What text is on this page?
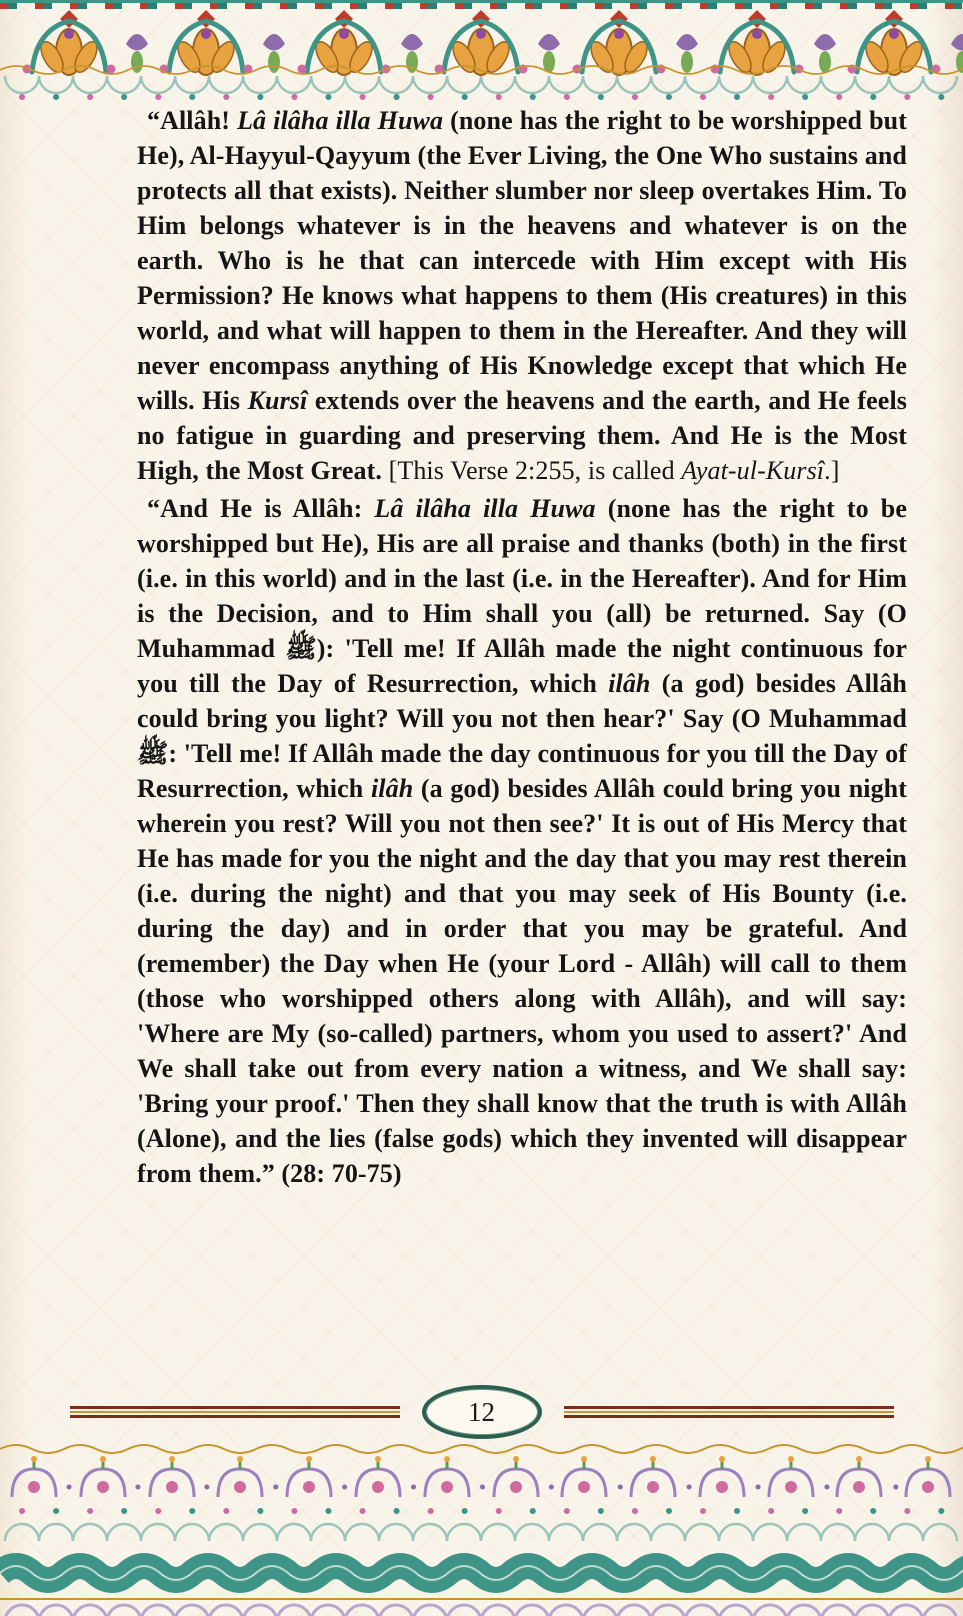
“Allâh! Lâ ilâha illa Huwa (none has the right to be worshipped but He), Al-Hayyul-Qayyum (the Ever Living, the One Who sustains and protects all that exists). Neither slumber nor sleep overtakes Him. To Him belongs whatever is in the heavens and whatever is on the earth. Who is he that can intercede with Him except with His Permission? He knows what happens to them (His creatures) in this world, and what will happen to them in the Hereafter. And they will never encompass anything of His Knowledge except that which He wills. His Kursî extends over the heavens and the earth, and He feels no fatigue in guarding and preserving them. And He is the Most High, the Most Great. [This Verse 2:255, is called Ayat-ul-Kursî.]

“And He is Allâh: Lâ ilâha illa Huwa (none has the right to be worshipped but He), His are all praise and thanks (both) in the first (i.e. in this world) and in the last (i.e. in the Hereafter). And for Him is the Decision, and to Him shall you (all) be returned. Say (O Muhammad ﷺ): 'Tell me! If Allâh made the night continuous for you till the Day of Resurrection, which ilâh (a god) besides Allâh could bring you light? Will you not then hear?' Say (O Muhammad ﷺ: 'Tell me! If Allâh made the day continuous for you till the Day of Resurrection, which ilâh (a god) besides Allâh could bring you night wherein you rest? Will you not then see?' It is out of His Mercy that He has made for you the night and the day that you may rest therein (i.e. during the night) and that you may seek of His Bounty (i.e. during the day) and in order that you may be grateful. And (remember) the Day when He (your Lord - Allâh) will call to them (those who worshipped others along with Allâh), and will say: 'Where are My (so-called) partners, whom you used to assert?' And We shall take out from every nation a witness, and We shall say: 'Bring your proof.' Then they shall know that the truth is with Allâh (Alone), and the lies (false gods) which they invented will disappear from them.” (28: 70-75)

12
